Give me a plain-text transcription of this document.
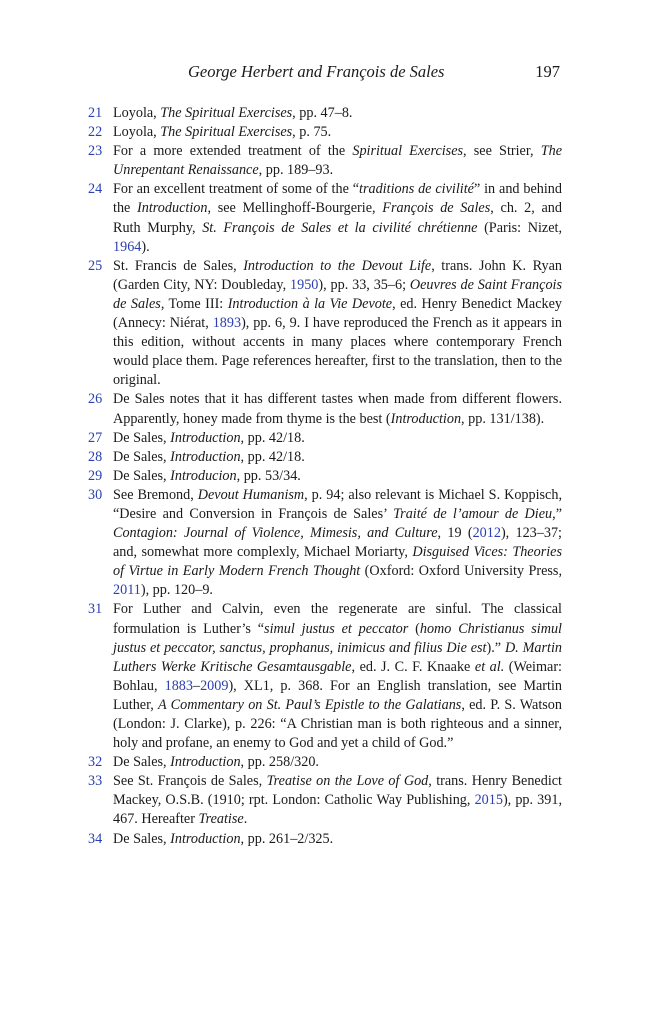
George Herbert and François de Sales	197
21 Loyola, The Spiritual Exercises, pp. 47–8.
22 Loyola, The Spiritual Exercises, p. 75.
23 For a more extended treatment of the Spiritual Exercises, see Strier, The Unrepentant Renaissance, pp. 189–93.
24 For an excellent treatment of some of the “traditions de civilité” in and behind the Introduction, see Mellinghoff-Bourgerie, François de Sales, ch. 2, and Ruth Murphy, St. François de Sales et la civilité chrétienne (Paris: Nizet, 1964).
25 St. Francis de Sales, Introduction to the Devout Life, trans. John K. Ryan (Garden City, NY: Doubleday, 1950), pp. 33, 35–6; Oeuvres de Saint François de Sales, Tome III: Introduction à la Vie Devote, ed. Henry Benedict Mackey (Annecy: Niérat, 1893), pp. 6, 9. I have reproduced the French as it appears in this edition, without accents in many places where contemporary French would place them. Page references hereafter, first to the translation, then to the original.
26 De Sales notes that it has different tastes when made from different flowers. Apparently, honey made from thyme is the best (Introduction, pp. 131/138).
27 De Sales, Introduction, pp. 42/18.
28 De Sales, Introduction, pp. 42/18.
29 De Sales, Introducion, pp. 53/34.
30 See Bremond, Devout Humanism, p. 94; also relevant is Michael S. Koppisch, “Desire and Conversion in François de Sales’ Traité de l’amour de Dieu,” Contagion: Journal of Violence, Mimesis, and Culture, 19 (2012), 123–37; and, somewhat more complexly, Michael Moriarty, Disguised Vices: Theories of Virtue in Early Modern French Thought (Oxford: Oxford University Press, 2011), pp. 120–9.
31 For Luther and Calvin, even the regenerate are sinful. The classical formulation is Luther’s “simul justus et peccator (homo Christianus simul justus et peccator, sanctus, prophanus, inimicus and filius Die est).” D. Martin Luthers Werke Kritische Gesamtausgable, ed. J. C. F. Knaake et al. (Weimar: Bohlau, 1883–2009), XL1, p. 368. For an English translation, see Martin Luther, A Commentary on St. Paul’s Epistle to the Galatians, ed. P. S. Watson (London: J. Clarke), p. 226: “A Christian man is both righteous and a sinner, holy and profane, an enemy to God and yet a child of God.”
32 De Sales, Introduction, pp. 258/320.
33 See St. François de Sales, Treatise on the Love of God, trans. Henry Benedict Mackey, O.S.B. (1910; rpt. London: Catholic Way Publishing, 2015), pp. 391, 467. Hereafter Treatise.
34 De Sales, Introduction, pp. 261–2/325.
